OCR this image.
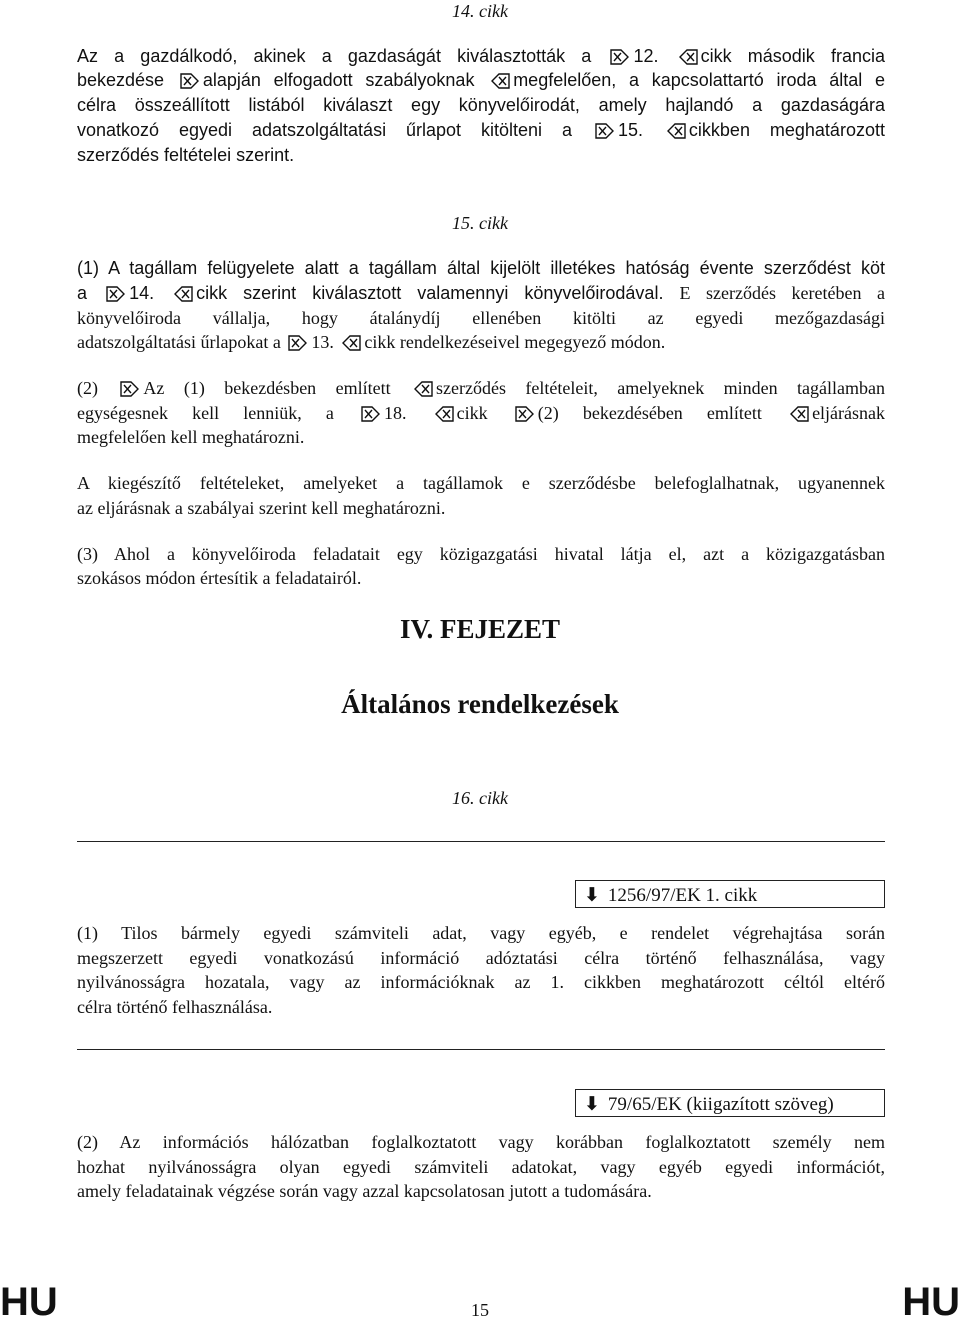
14. cikk
Az a gazdálkodó, akinek a gazdaságát kiválasztották a 12. cikk második francia
bekezdése alapján elfogadott szabályoknak megfelelően, a kapcsolattartó iroda által e
célra összeállított listából kiválaszt egy könyvelőirodát, amely hajlandó a gazdaságára
vonatkozó egyedi adatszolgáltatási űrlapot kitölteni a	15.	cikkben meghatározott
szerződés feltételei szerint.
15. cikk
(1) A tagállam felügyelete alatt a tagállam által kijelölt illetékes hatóság évente szerződést köt
a 14. cikk szerint kiválasztott valamennyi könyvelőirodával. E szerződés keretében a
könyvelőiroda vállalja, hogy átalánydíj ellenében kitölti az egyedi mezőgazdasági
adatszolgáltatási űrlapokat a 13. cikk rendelkezéseivel megegyező módon.
(2)	Az (1) bekezdésben említett	szerződés feltételeit, amelyeknek minden tagállamban
egységesnek kell lenniük, a	18.	cikk	(2) bekezdésében említett	eljárásnak
megfelelően kell meghatározni.
A kiegészítő feltételeket, amelyeket a tagállamok e szerződésbe belefoglalhatnak, ugyanennek
az eljárásnak a szabályai szerint kell meghatározni.
(3) Ahol a könyvelőiroda feladatait egy közigazgatási hivatal látja el, azt a közigazgatásban
szokásos módon értesítik a feladatairól.
IV. FEJEZET
Általános rendelkezések
16. cikk
⬇ 1256/97/EK 1. cikk
(1) Tilos bármely egyedi számviteli adat, vagy egyéb, e rendelet végrehajtása során
megszerzett egyedi vonatkozású információ adóztatási célra történő felhasználása, vagy
nyilvánosságra hozatala, vagy az információknak az 1. cikkben meghatározott céltól eltérő
célra történő felhasználása.
⬇ 79/65/EK (kiigazított szöveg)
(2) Az információs hálózatban foglalkoztatott vagy korábban foglalkoztatott személy nem
hozhat nyilvánosságra olyan egyedi számviteli adatokat, vagy egyéb egyedi információt,
amely feladatainak végzése során vagy azzal kapcsolatosan jutott a tudomására.
HU	15	HU
